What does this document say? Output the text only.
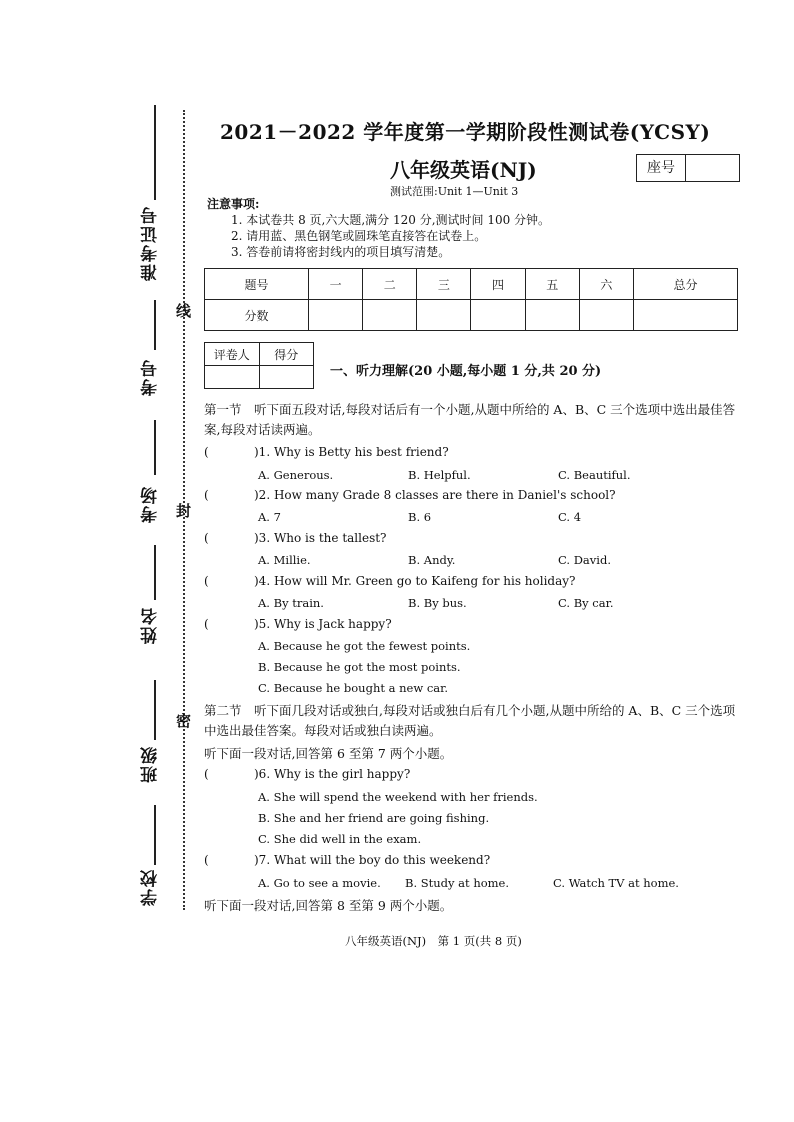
准考证号
考号
考场
姓名
班级
学校
线
封
密
2021－2022 学年度第一学期阶段性测试卷(YCSY)
八年级英语(NJ)	座号
测试范围:Unit 1—Unit 3
注意事项:
1. 本试卷共 8 页,六大题,满分 120 分,测试时间 100 分钟。
2. 请用蓝、黑色钢笔或圆珠笔直接答在试卷上。
3. 答卷前请将密封线内的项目填写清楚。
题号	一	二	三	四	五	六	总分
分数							
评卷人	得分

一、听力理解(20 小题,每小题 1 分,共 20 分)
第一节　听下面五段对话,每段对话后有一个小题,从题中所给的 A、B、C 三个选项中选出最佳答案,每段对话读两遍。
(	)1. Why is Betty his best friend?
A. Generous.	B. Helpful.	C. Beautiful.
(	)2. How many Grade 8 classes are there in Daniel's school?
A. 7	B. 6	C. 4
(	)3. Who is the tallest?
A. Millie.	B. Andy.	C. David.
(	)4. How will Mr. Green go to Kaifeng for his holiday?
A. By train.	B. By bus.	C. By car.
(	)5. Why is Jack happy?
A. Because he got the fewest points.
B. Because he got the most points.
C. Because he bought a new car.
第二节　听下面几段对话或独白,每段对话或独白后有几个小题,从题中所给的 A、B、C 三个选项中选出最佳答案。每段对话或独白读两遍。
听下面一段对话,回答第 6 至第 7 两个小题。
(	)6. Why is the girl happy?
A. She will spend the weekend with her friends.
B. She and her friend are going fishing.
C. She did well in the exam.
(	)7. What will the boy do this weekend?
A. Go to see a movie. B. Study at home.	C. Watch TV at home.
听下面一段对话,回答第 8 至第 9 两个小题。
八年级英语(NJ)　第 1 页(共 8 页)
